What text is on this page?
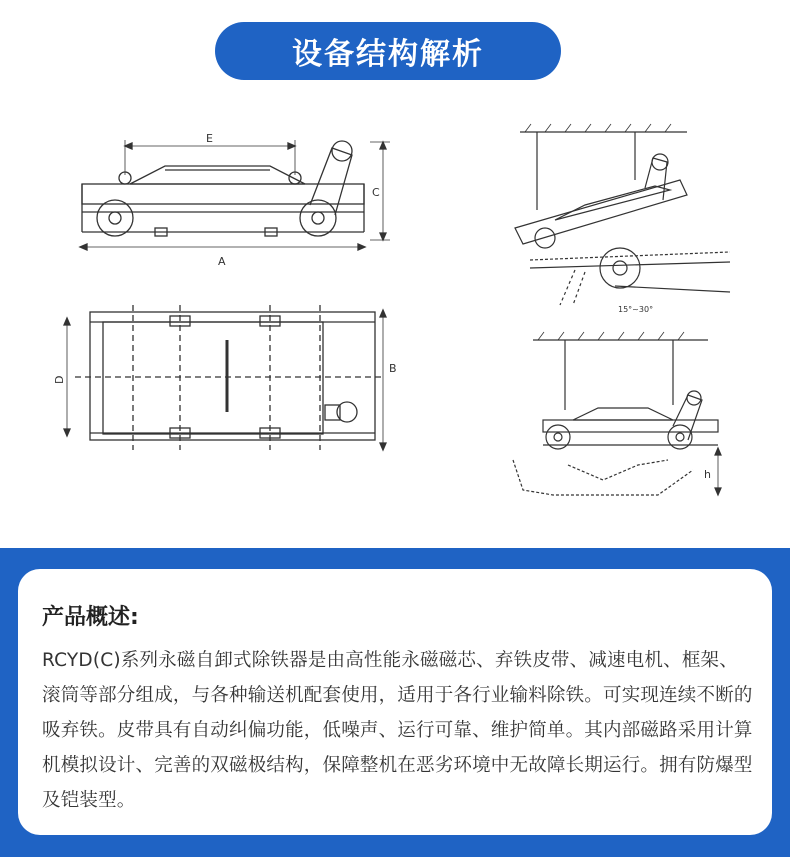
设备结构解析
E
A
C
D
B
15°~30°
h
产品概述:
RCYD(C)系列永磁自卸式除铁器是由高性能永磁磁芯、弃铁皮带、减速电机、框架、滚筒等部分组成，与各种输送机配套使用，适用于各行业输料除铁。可实现连续不断的吸弃铁。皮带具有自动纠偏功能，低噪声、运行可靠、维护简单。其内部磁路采用计算机模拟设计、完善的双磁极结构，保障整机在恶劣环境中无故障长期运行。拥有防爆型及铠装型。
